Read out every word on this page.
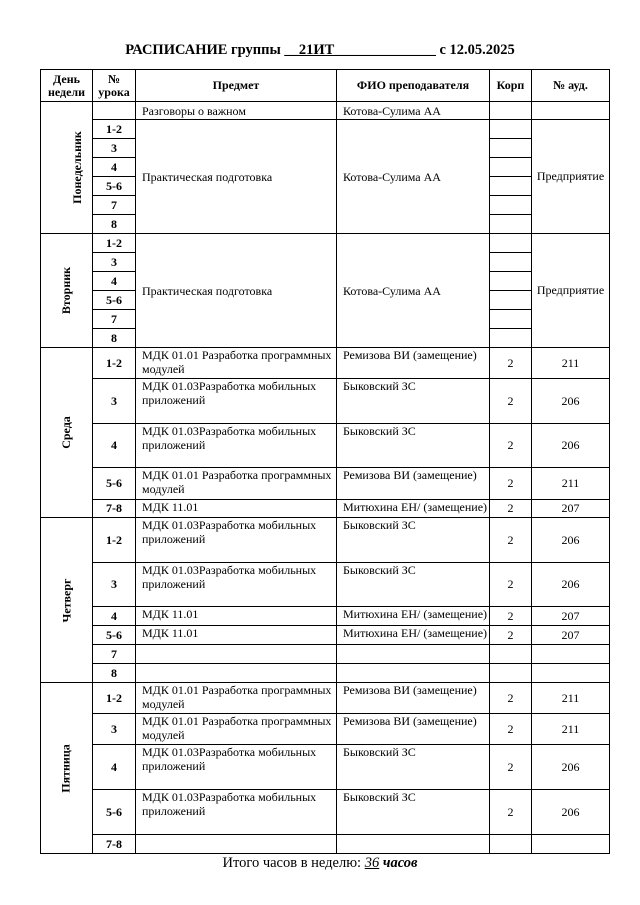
РАСПИСАНИЕ группы __21ИТ______________ с 12.05.2025
День недели	№ урока	Предмет	ФИО преподавателя	Корп	№ ауд.
Понедельник		Разговоры о важном	Котова-Сулима АА		
	1-2	Практическая подготовка	Котова-Сулима АА		Предприятие
	3				
	4				
	5-6				
	7				
	8				
Вторник	1-2	Практическая подготовка	Котова-Сулима АА		Предприятие
	3				
	4				
	5-6				
	7				
	8				
Среда	1-2	МДК 01.01 Разработка программных модулей	Ремизова ВИ (замещение)	2	211
	3	МДК 01.03Разработка мобильных приложений	Быковский ЗС	2	206
	4	МДК 01.03Разработка мобильных приложений	Быковский ЗС	2	206
	5-6	МДК 01.01 Разработка программных модулей	Ремизова ВИ (замещение)	2	211
	7-8	МДК 11.01	Митюхина ЕН/ (замещение)	2	207
Четверг	1-2	МДК 01.03Разработка мобильных приложений	Быковский ЗС	2	206
	3	МДК 01.03Разработка мобильных приложений	Быковский ЗС	2	206
	4	МДК 11.01	Митюхина ЕН/ (замещение)	2	207
	5-6	МДК 11.01	Митюхина ЕН/ (замещение)	2	207
	7				
	8				
Пятница	1-2	МДК 01.01 Разработка программных модулей	Ремизова ВИ (замещение)	2	211
	3	МДК 01.01 Разработка программных модулей	Ремизова ВИ (замещение)	2	211
	4	МДК 01.03Разработка мобильных приложений	Быковский ЗС	2	206
	5-6	МДК 01.03Разработка мобильных приложений	Быковский ЗС	2	206
	7-8				
Итого часов в неделю: 36 часов
